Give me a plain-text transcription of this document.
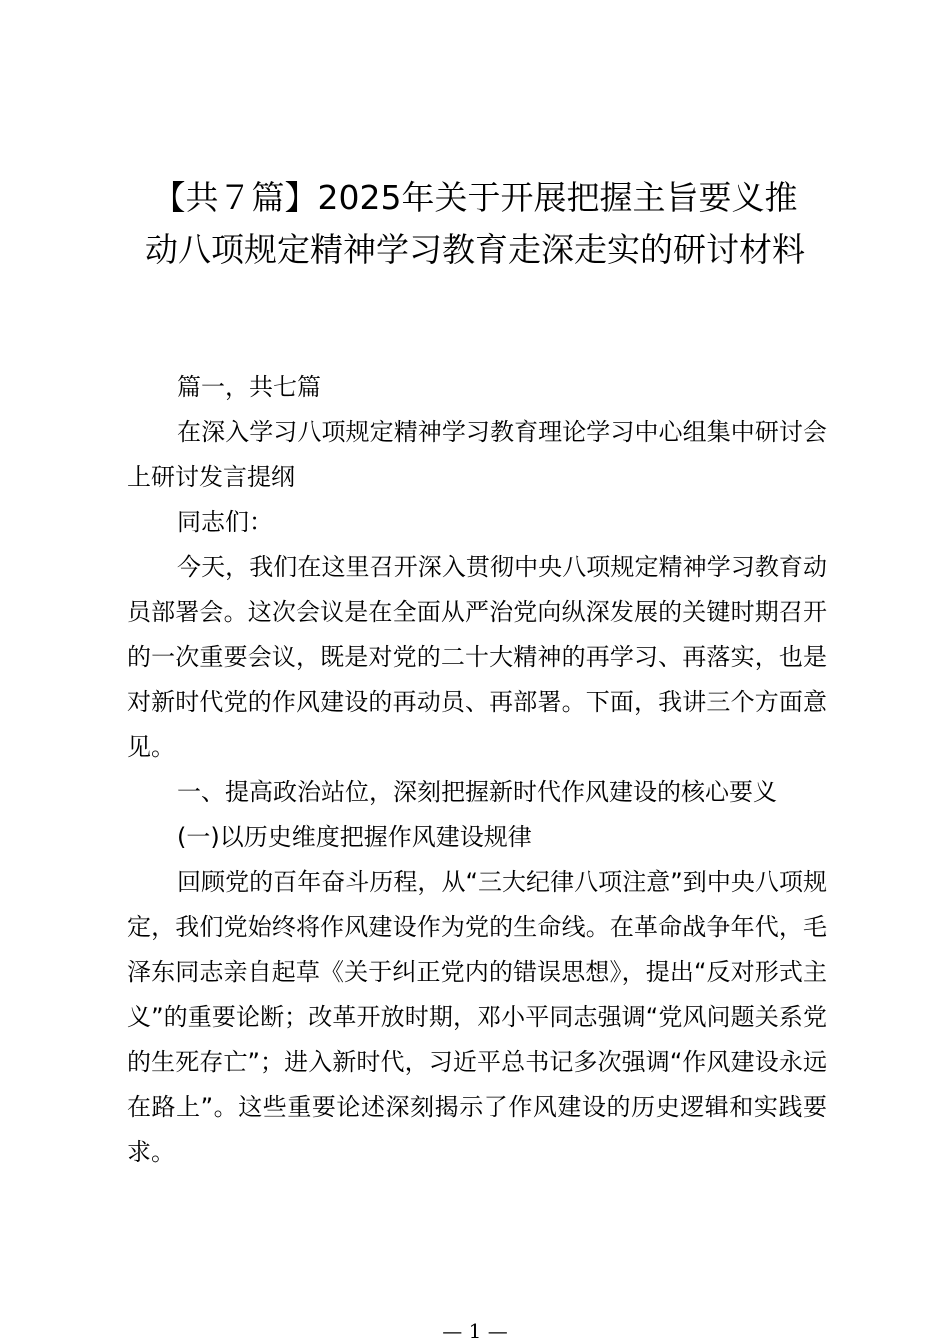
【共７篇】2025年关于开展把握主旨要义推
动八项规定精神学习教育走深走实的研讨材料

篇一，共七篇

在深入学习八项规定精神学习教育理论学习中心组集中研讨会上研讨发言提纲

同志们：

今天，我们在这里召开深入贯彻中央八项规定精神学习教育动员部署会。这次会议是在全面从严治党向纵深发展的关键时期召开的一次重要会议，既是对党的二十大精神的再学习、再落实，也是对新时代党的作风建设的再动员、再部署。下面，我讲三个方面意见。

一、提高政治站位，深刻把握新时代作风建设的核心要义

(一)以历史维度把握作风建设规律

回顾党的百年奋斗历程，从“三大纪律八项注意”到中央八项规定，我们党始终将作风建设作为党的生命线。在革命战争年代，毛泽东同志亲自起草《关于纠正党内的错误思想》，提出“反对形式主义”的重要论断；改革开放时期，邓小平同志强调“党风问题关系党的生死存亡”；进入新时代，习近平总书记多次强调“作风建设永远在路上”。这些重要论述深刻揭示了作风建设的历史逻辑和实践要求。

— 1 —
